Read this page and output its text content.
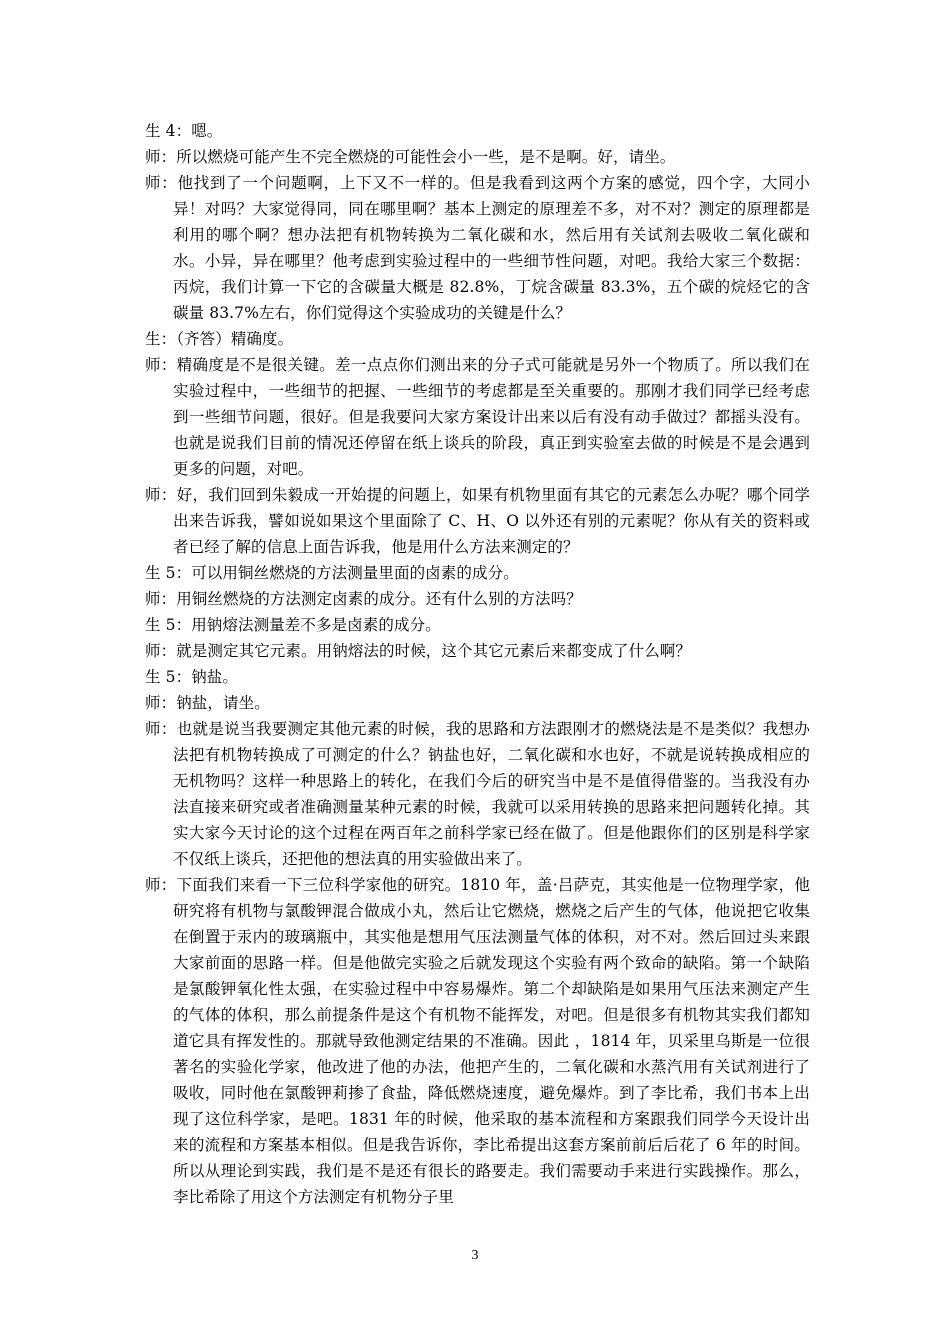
生 4：嗯。

师：所以燃烧可能产生不完全燃烧的可能性会小一些，是不是啊。好，请坐。

师：他找到了一个问题啊，上下又不一样的。但是我看到这两个方案的感觉，四个字，大同小异！对吗？大家觉得同，同在哪里啊？基本上测定的原理差不多，对不对？测定的原理都是利用的哪个啊？想办法把有机物转换为二氧化碳和水，然后用有关试剂去吸收二氧化碳和水。小异，异在哪里？他考虑到实验过程中的一些细节性问题，对吧。我给大家三个数据：丙烷，我们计算一下它的含碳量大概是 82.8%，丁烷含碳量 83.3%，五个碳的烷烃它的含碳量 83.7%左右，你们觉得这个实验成功的关键是什么？

生：（齐答）精确度。

师：精确度是不是很关键。差一点点你们测出来的分子式可能就是另外一个物质了。所以我们在实验过程中，一些细节的把握、一些细节的考虑都是至关重要的。那刚才我们同学已经考虑到一些细节问题，很好。但是我要问大家方案设计出来以后有没有动手做过？都摇头没有。也就是说我们目前的情况还停留在纸上谈兵的阶段，真正到实验室去做的时候是不是会遇到更多的问题，对吧。

师：好，我们回到朱毅成一开始提的问题上，如果有机物里面有其它的元素怎么办呢？哪个同学出来告诉我，譬如说如果这个里面除了 C、H、O 以外还有别的元素呢？你从有关的资料或者已经了解的信息上面告诉我，他是用什么方法来测定的？

生 5：可以用铜丝燃烧的方法测量里面的卤素的成分。

师：用铜丝燃烧的方法测定卤素的成分。还有什么别的方法吗？

生 5：用钠熔法测量差不多是卤素的成分。

师：就是测定其它元素。用钠熔法的时候，这个其它元素后来都变成了什么啊？

生 5：钠盐。

师：钠盐，请坐。

师：也就是说当我要测定其他元素的时候，我的思路和方法跟刚才的燃烧法是不是类似？我想办法把有机物转换成了可测定的什么？钠盐也好，二氧化碳和水也好，不就是说转换成相应的无机物吗？这样一种思路上的转化，在我们今后的研究当中是不是值得借鉴的。当我没有办法直接来研究或者准确测量某种元素的时候，我就可以采用转换的思路来把问题转化掉。其实大家今天讨论的这个过程在两百年之前科学家已经在做了。但是他跟你们的区别是科学家不仅纸上谈兵，还把他的想法真的用实验做出来了。

师：下面我们来看一下三位科学家他的研究。1810 年，盖·吕萨克，其实他是一位物理学家，他研究将有机物与氯酸钾混合做成小丸，然后让它燃烧，燃烧之后产生的气体，他说把它收集在倒置于汞内的玻璃瓶中，其实他是想用气压法测量气体的体积，对不对。然后回过头来跟大家前面的思路一样。但是他做完实验之后就发现这个实验有两个致命的缺陷。第一个缺陷是氯酸钾氧化性太强，在实验过程中中容易爆炸。第二个却缺陷是如果用气压法来测定产生的气体的体积，那么前提条件是这个有机物不能挥发，对吧。但是很多有机物其实我们都知道它具有挥发性的。那就导致他测定结果的不准确。因此 ，1814 年，贝采里乌斯是一位很著名的实验化学家，他改进了他的办法，他把产生的，二氧化碳和水蒸汽用有关试剂进行了吸收，同时他在氯酸钾莉掺了食盐，降低燃烧速度，避免爆炸。到了李比希，我们书本上出现了这位科学家，是吧。1831 年的时候，他采取的基本流程和方案跟我们同学今天设计出来的流程和方案基本相似。但是我告诉你，李比希提出这套方案前前后后花了 6 年的时间。所以从理论到实践，我们是不是还有很长的路要走。我们需要动手来进行实践操作。那么，李比希除了用这个方法测定有机物分子里

3
